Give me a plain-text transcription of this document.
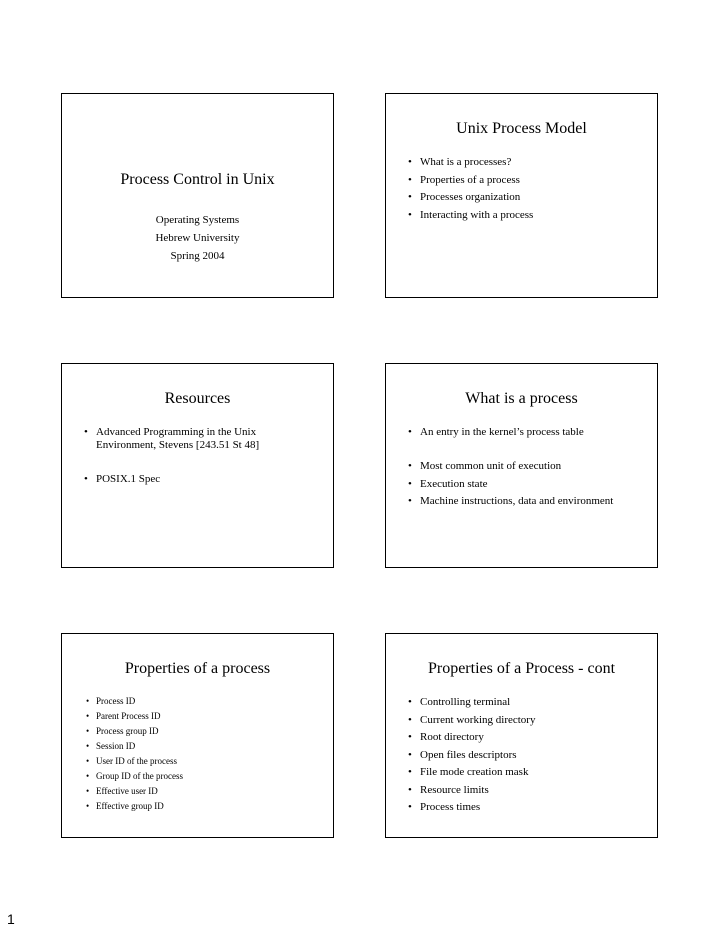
Process Control in Unix
Operating Systems
Hebrew University
Spring 2004
Unix Process Model
• What is a processes?
• Properties of a process
• Processes organization
• Interacting with a process
Resources
• Advanced Programming in the Unix Environment, Stevens [243.51 St 48]
• POSIX.1 Spec
What is a process
• An entry in the kernel’s process table
• Most common unit of execution
• Execution state
• Machine instructions, data and environment
Properties of a process
• Process ID
• Parent Process ID
• Process group ID
• Session ID
• User ID of the process
• Group ID of the process
• Effective user ID
• Effective group ID
Properties of a Process - cont
• Controlling terminal
• Current working directory
• Root directory
• Open files descriptors
• File mode creation mask
• Resource limits
• Process times
1
